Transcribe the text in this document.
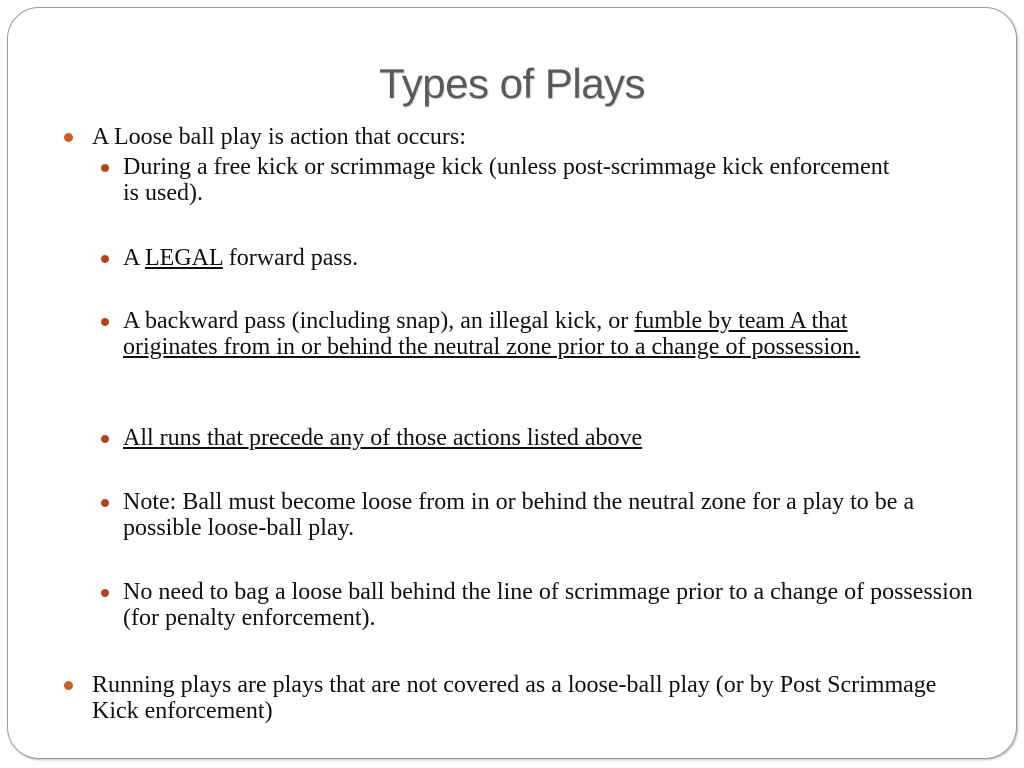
Types of Plays
A Loose ball play is action that occurs:
During a free kick or scrimmage kick (unless post-scrimmage kick enforcement is used).
A LEGAL forward pass.
A backward pass (including snap), an illegal kick, or fumble by team A that originates from in or behind the neutral zone prior to a change of possession.
All runs that precede any of those actions listed above
Note: Ball must become loose from in or behind the neutral zone for a play to be a possible loose-ball play.
No need to bag a loose ball behind the line of scrimmage prior to a change of possession (for penalty enforcement).
Running plays are plays that are not covered as a loose-ball play (or by Post Scrimmage Kick enforcement)
